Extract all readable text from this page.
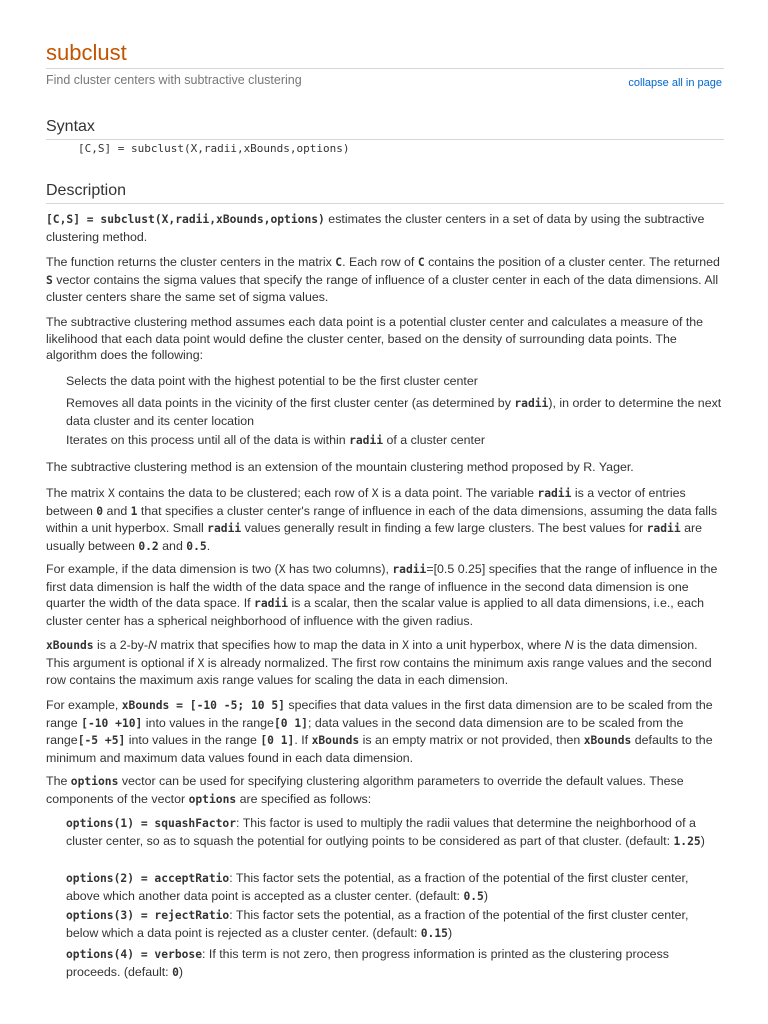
subclust
Find cluster centers with subtractive clustering	collapse all in page
Syntax
[C,S] = subclust(X,radii,xBounds,options)
Description
[C,S] = subclust(X,radii,xBounds,options) estimates the cluster centers in a set of data by using the subtractive clustering method.
The function returns the cluster centers in the matrix C. Each row of C contains the position of a cluster center. The returned S vector contains the sigma values that specify the range of influence of a cluster center in each of the data dimensions. All cluster centers share the same set of sigma values.
The subtractive clustering method assumes each data point is a potential cluster center and calculates a measure of the likelihood that each data point would define the cluster center, based on the density of surrounding data points. The algorithm does the following:
Selects the data point with the highest potential to be the first cluster center
Removes all data points in the vicinity of the first cluster center (as determined by radii), in order to determine the next data cluster and its center location
Iterates on this process until all of the data is within radii of a cluster center
The subtractive clustering method is an extension of the mountain clustering method proposed by R. Yager.
The matrix X contains the data to be clustered; each row of X is a data point. The variable radii is a vector of entries between 0 and 1 that specifies a cluster center's range of influence in each of the data dimensions, assuming the data falls within a unit hyperbox. Small radii values generally result in finding a few large clusters. The best values for radii are usually between 0.2 and 0.5.
For example, if the data dimension is two (X has two columns), radii=[0.5 0.25] specifies that the range of influence in the first data dimension is half the width of the data space and the range of influence in the second data dimension is one quarter the width of the data space. If radii is a scalar, then the scalar value is applied to all data dimensions, i.e., each cluster center has a spherical neighborhood of influence with the given radius.
xBounds is a 2-by-N matrix that specifies how to map the data in X into a unit hyperbox, where N is the data dimension. This argument is optional if X is already normalized. The first row contains the minimum axis range values and the second row contains the maximum axis range values for scaling the data in each dimension.
For example, xBounds = [-10 -5; 10 5] specifies that data values in the first data dimension are to be scaled from the range [-10 +10] into values in the range[0 1]; data values in the second data dimension are to be scaled from the range[-5 +5] into values in the range [0 1]. If xBounds is an empty matrix or not provided, then xBounds defaults to the minimum and maximum data values found in each data dimension.
The options vector can be used for specifying clustering algorithm parameters to override the default values. These components of the vector options are specified as follows:
options(1) = squashFactor: This factor is used to multiply the radii values that determine the neighborhood of a cluster center, so as to squash the potential for outlying points to be considered as part of that cluster. (default: 1.25)
options(2) = acceptRatio: This factor sets the potential, as a fraction of the potential of the first cluster center, above which another data point is accepted as a cluster center. (default: 0.5)
options(3) = rejectRatio: This factor sets the potential, as a fraction of the potential of the first cluster center, below which a data point is rejected as a cluster center. (default: 0.15)
options(4) = verbose: If this term is not zero, then progress information is printed as the clustering process proceeds. (default: 0)
